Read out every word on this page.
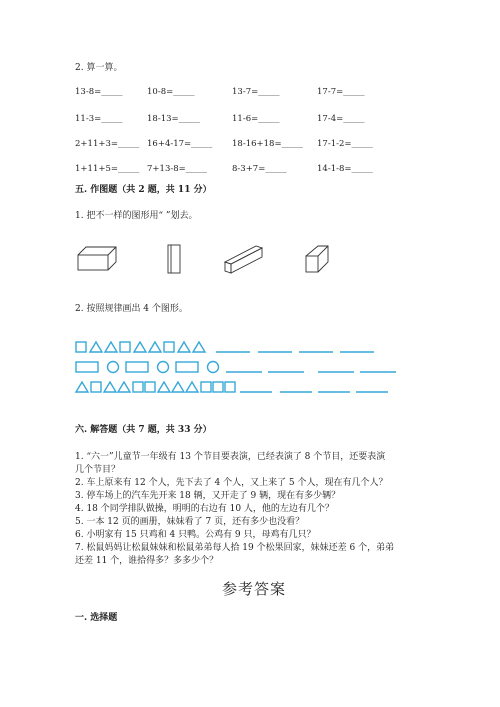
2. 算一算。
13-8=_____	10-8=_____	13-7=_____	17-7=_____
11-3=_____	18-13=_____	11-6=_____	17-4=_____
2+11+3=_____ 16+4-17=_____ 18-16+18=_____ 17-1-2=_____
1+11+5=_____ 7+13-8=_____	8-3+7=_____	14-1-8=_____
五. 作图题（共 2 题，共 11 分）
1. 把不一样的图形用“ ”划去。
2. 按照规律画出 4 个图形。
六. 解答题（共 7 题，共 33 分）
1. “六一”儿童节一年级有 13 个节目要表演，已经表演了 8 个节目，还要表演
几个节目？
2. 车上原来有 12 个人，先下去了 4 个人，又上来了 5 个人，现在有几个人？
3. 停车场上的汽车先开来 18 辆，又开走了 9 辆，现在有多少辆？
4. 18 个同学排队做操，明明的右边有 10 人，他的左边有几个？
5. 一本 12 页的画册，妹妹看了 7 页，还有多少也没看？
6. 小明家有 15 只鸡和 4 只鸭。公鸡有 9 只，母鸡有几只？
7. 松鼠妈妈让松鼠妹妹和松鼠弟弟每人拾 19 个松果回家，妹妹还差 6 个，弟弟
还差 11 个，谁拾得多？多多少个？
参考答案
一. 选择题
